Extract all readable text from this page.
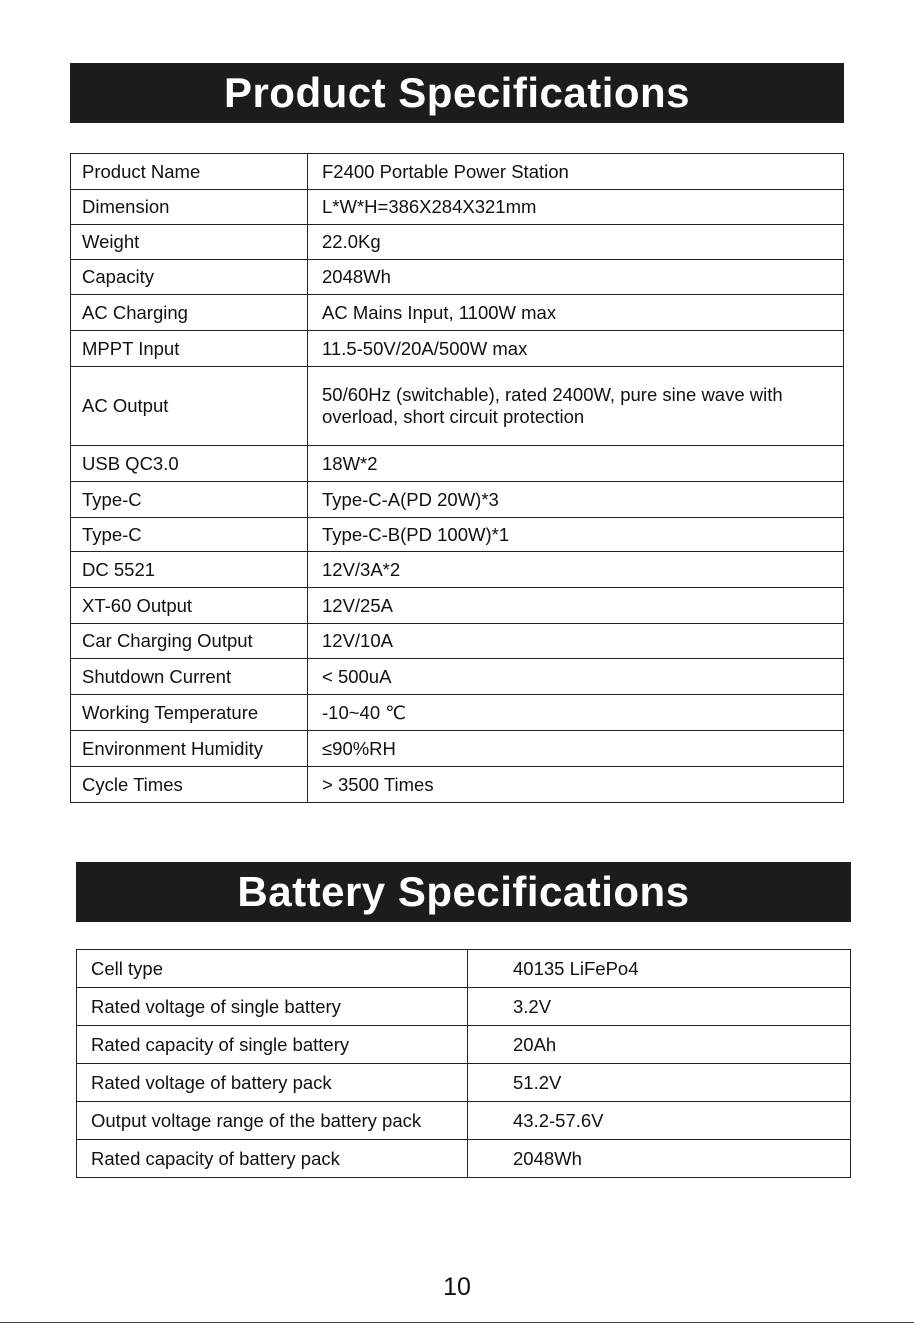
Product Specifications
Product Name	F2400 Portable Power Station
Dimension	L*W*H=386X284X321mm
Weight	22.0Kg
Capacity	2048Wh
AC Charging	AC Mains Input, 1100W max
MPPT Input	11.5-50V/20A/500W max
AC Output	50/60Hz (switchable), rated 2400W, pure sine wave with overload, short circuit protection
USB QC3.0	18W*2
Type-C	Type-C-A(PD 20W)*3
Type-C	Type-C-B(PD 100W)*1
DC 5521	12V/3A*2
XT-60 Output	12V/25A
Car Charging Output	12V/10A
Shutdown Current	< 500uA
Working Temperature	-10~40 ℃
Environment Humidity	≤90%RH
Cycle Times	> 3500 Times
Battery Specifications
Cell type	40135 LiFePo4
Rated voltage of single battery	3.2V
Rated capacity of single battery	20Ah
Rated voltage of battery pack	51.2V
Output voltage range of the battery pack	43.2-57.6V
Rated capacity of battery pack	2048Wh
10
